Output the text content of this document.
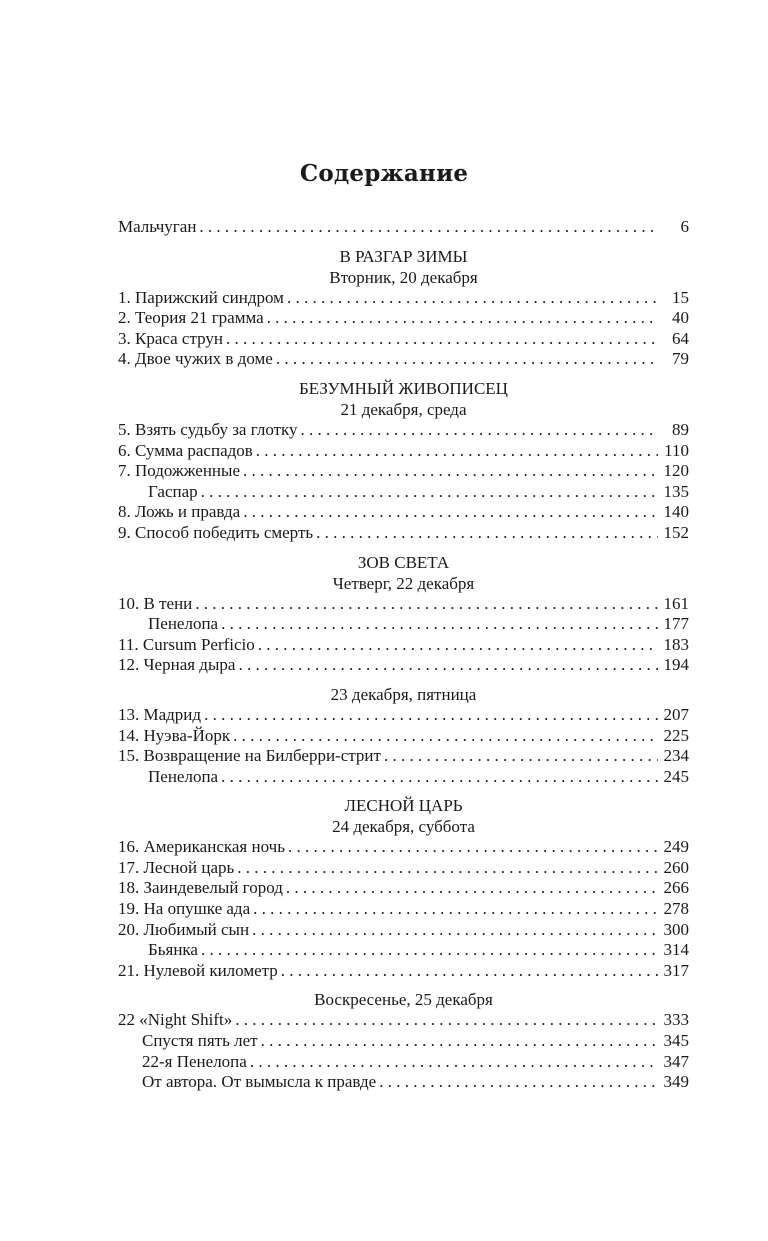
Содержание
Мальчуган . . .	6
В РАЗГАР ЗИМЫ
Вторник, 20 декабря
1. Парижский синдром . . .	15
2. Теория 21 грамма . . .	40
3. Краса струн . . .	64
4. Двое чужих в доме . . .	79
БЕЗУМНЫЙ ЖИВОПИСЕЦ
21 декабря, среда
5. Взять судьбу за глотку . . .	89
6. Сумма распадов . . .	110
7. Подожженные . . .	120
Гаспар . . .	135
8. Ложь и правда . . .	140
9. Способ победить смерть . . .	152
ЗОВ СВЕТА
Четверг, 22 декабря
10. В тени . . .	161
Пенелопа . . .	177
11. Cursum Perficio . . .	183
12. Черная дыра . . .	194
23 декабря, пятница
13. Мадрид . . .	207
14. Нуэва-Йорк . . .	225
15. Возвращение на Билберри-стрит . . .	234
Пенелопа . . .	245
ЛЕСНОЙ ЦАРЬ
24 декабря, суббота
16. Американская ночь . . .	249
17. Лесной царь . . .	260
18. Заиндевелый город . . .	266
19. На опушке ада . . .	278
20. Любимый сын . . .	300
Бьянка . . .	314
21. Нулевой километр . . .	317
Воскресенье, 25 декабря
22 «Night Shift» . . .	333
Спустя пять лет . . .	345
22-я Пенелопа . . .	347
От автора. От вымысла к правде . . .	349
